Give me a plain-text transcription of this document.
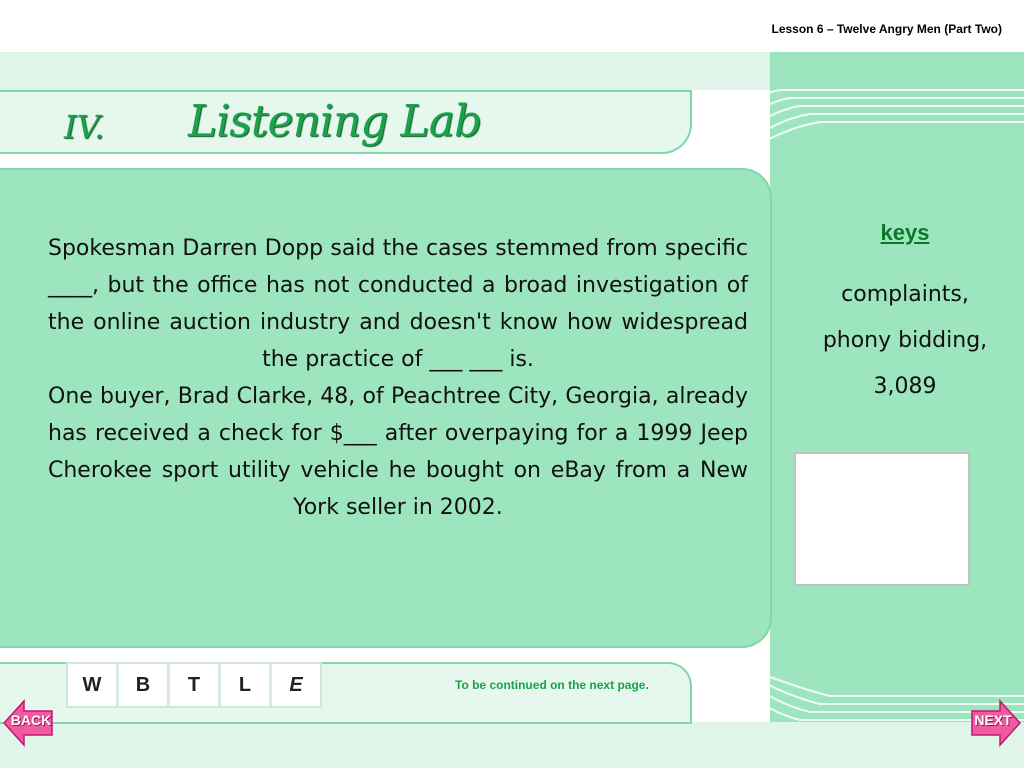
Lesson 6 – Twelve Angry Men (Part Two)
IV. Listening Lab

Spokesman Darren Dopp said the cases stemmed from specific ____, but the office has not conducted a broad investigation of the online auction industry and doesn't know how widespread the practice of ___ ___ is.

One buyer, Brad Clarke, 48, of Peachtree City, Georgia, already has received a check for $___ after overpaying for a 1999 Jeep Cherokee sport utility vehicle he bought on eBay from a New York seller in 2002.

keys
complaints,
phony bidding,
3,089
W	B	T	L	E	To be continued on the next page.
BACK	NEXT
